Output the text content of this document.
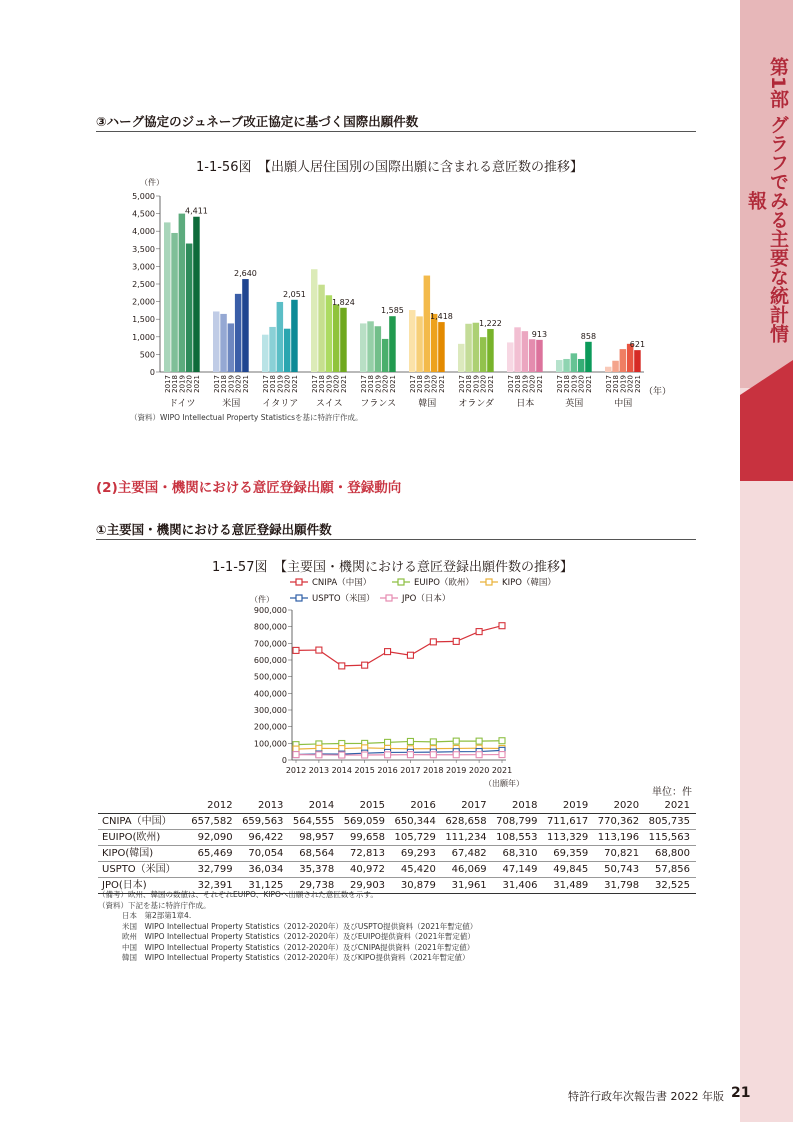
第1部 グラフでみる主要な統計情報
第1章
③ハーグ協定のジュネーブ改正協定に基づく国際出願件数
1-1-56図　【出願人居住国別の国際出願に含まれる意匠数の推移】
（件）
0
500
1,000
1,500
2,000
2,500
3,000
3,500
4,000
4,500
5,000
2017 2018 2019 2020 2021
4,411
ドイツ
2017 2018 2019 2020 2021
2,640
米国
2017 2018 2019 2020 2021
2,051
イタリア
2017 2018 2019 2020 2021
1,824
スイス
2017 2018 2019 2020 2021
1,585
フランス
2017 2018 2019 2020 2021
1,418
韓国
2017 2018 2019 2020 2021
1,222
オランダ
2017 2018 2019 2020 2021
913
日本
2017 2018 2019 2020 2021
858
英国
2017 2018 2019 2020 2021
621
中国
（年）
（資料）WIPO Intellectual Property Statisticsを基に特許庁作成。
(2)主要国・機関における意匠登録出願・登録動向
①主要国・機関における意匠登録出願件数
1-1-57図　【主要国・機関における意匠登録出願件数の推移】
CNIPA（中国）	EUIPO（欧州）	KIPO（韓国）
USPTO（米国）	JPO（日本）
（件）
0
100,000
200,000
300,000
400,000
500,000
600,000
700,000
800,000
900,000
2012 2013 2014 2015 2016 2017 2018 2019 2020 2021
（出願年）
単位：件
	2012	2013	2014	2015	2016	2017	2018	2019	2020	2021
CNIPA（中国）	657,582	659,563	564,555	569,059	650,344	628,658	708,799	711,617	770,362	805,735
EUIPO(欧州)	92,090	96,422	98,957	99,658	105,729	111,234	108,553	113,329	113,196	115,563
KIPO(韓国)	65,469	70,054	68,564	72,813	69,293	67,482	68,310	69,359	70,821	68,800
USPTO（米国）	32,799	36,034	35,378	40,972	45,420	46,069	47,149	49,845	50,743	57,856
JPO(日本)	32,391	31,125	29,738	29,903	30,879	31,961	31,406	31,489	31,798	32,525
（備考）欧州、韓国の数値は、それぞれEUIPO、KIPOへ出願された意匠数を示す。
（資料）下記を基に特許庁作成。
日本　第2部第1章4.
米国　WIPO Intellectual Property Statistics（2012-2020年）及びUSPTO提供資料（2021年暫定値）
欧州　WIPO Intellectual Property Statistics（2012-2020年）及びEUIPO提供資料（2021年暫定値）
中国　WIPO Intellectual Property Statistics（2012-2020年）及びCNIPA提供資料（2021年暫定値）
韓国　WIPO Intellectual Property Statistics（2012-2020年）及びKIPO提供資料（2021年暫定値）
特許行政年次報告書 2022 年版 21
